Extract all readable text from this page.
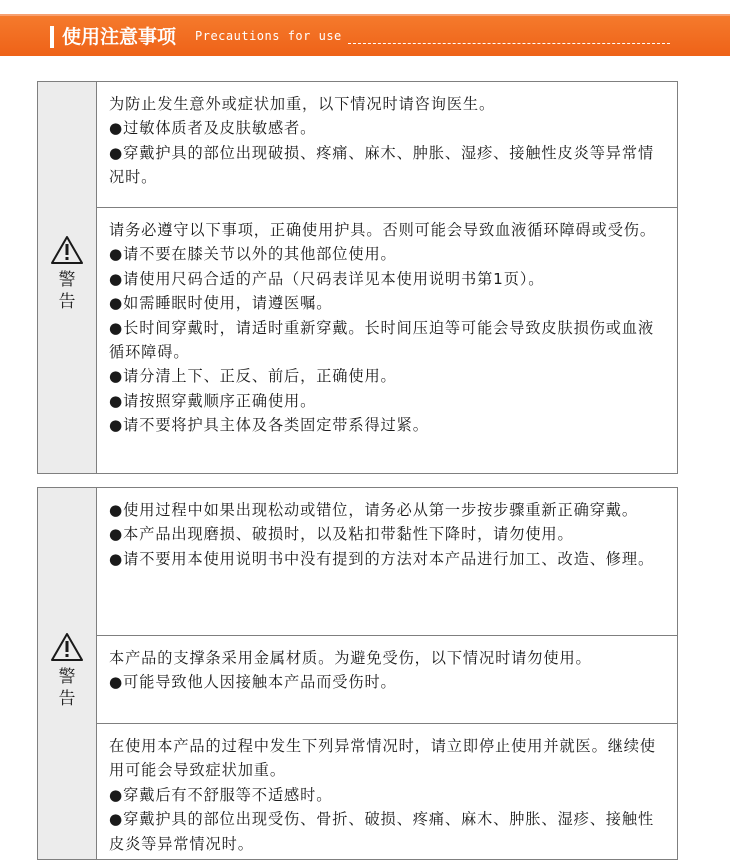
使用注意事项 Precautions for use
警告

为防止发生意外或症状加重，以下情况时请咨询医生。

●过敏体质者及皮肤敏感者。

●穿戴护具的部位出现破损、疼痛、麻木、肿胀、湿疹、接触性皮炎等异常情况时。

请务必遵守以下事项，正确使用护具。否则可能会导致血液循环障碍或受伤。

●请不要在膝关节以外的其他部位使用。

●请使用尺码合适的产品（尺码表详见本使用说明书第1页）。

●如需睡眠时使用，请遵医嘱。

●长时间穿戴时，请适时重新穿戴。长时间压迫等可能会导致皮肤损伤或血液循环障碍。

●请分清上下、正反、前后，正确使用。

●请按照穿戴顺序正确使用。

●请不要将护具主体及各类固定带系得过紧。

警告

●使用过程中如果出现松动或错位，请务必从第一步按步骤重新正确穿戴。

●本产品出现磨损、破损时，以及粘扣带黏性下降时，请勿使用。

●请不要用本使用说明书中没有提到的方法对本产品进行加工、改造、修理。

本产品的支撑条采用金属材质。为避免受伤，以下情况时请勿使用。

●可能导致他人因接触本产品而受伤时。

在使用本产品的过程中发生下列异常情况时，请立即停止使用并就医。继续使用可能会导致症状加重。

●穿戴后有不舒服等不适感时。

●穿戴护具的部位出现受伤、骨折、破损、疼痛、麻木、肿胀、湿疹、接触性皮炎等异常情况时。
